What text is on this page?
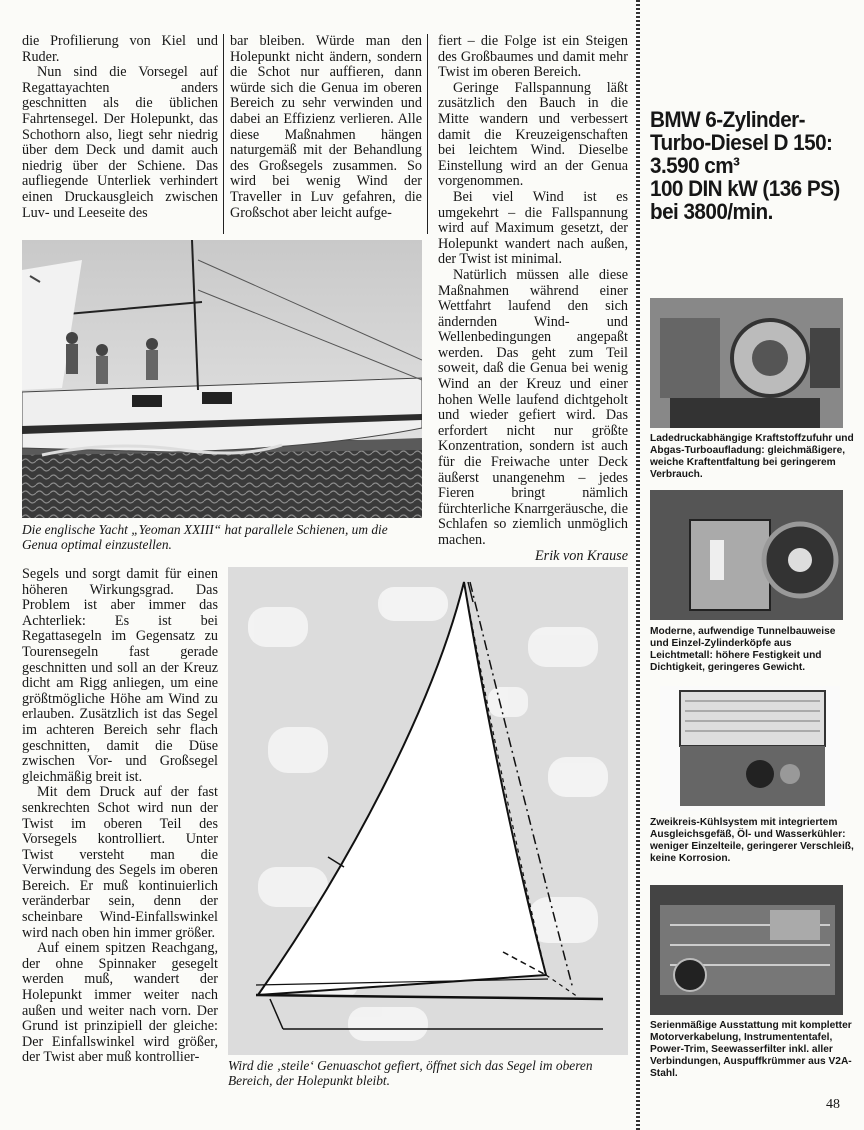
die Profilierung von Kiel und Ruder.

Nun sind die Vorsegel auf Regattayachten anders geschnitten als die üblichen Fahrtensegel. Der Holepunkt, das Schothorn also, liegt sehr niedrig über dem Deck und damit auch niedrig über der Schiene. Das aufliegende Unterliek verhindert einen Druckausgleich zwischen Luv- und Leeseite des

bar bleiben. Würde man den Holepunkt nicht ändern, sondern die Schot nur auffieren, dann würde sich die Genua im oberen Bereich zu sehr verwinden und dabei an Effizienz verlieren. Alle diese Maßnahmen hängen naturgemäß mit der Behandlung des Großsegels zusammen. So wird bei wenig Wind der Traveller in Luv gefahren, die Großschot aber leicht aufge-

fiert – die Folge ist ein Steigen des Großbaumes und damit mehr Twist im oberen Bereich.

Geringe Fallspannung läßt zusätzlich den Bauch in die Mitte wandern und verbessert damit die Kreuzeigenschaften bei leichtem Wind. Dieselbe Einstellung wird an der Genua vorgenommen.

Bei viel Wind ist es umgekehrt – die Fallspannung wird auf Maximum gesetzt, der Holepunkt wandert nach außen, der Twist ist minimal.

Natürlich müssen alle diese Maßnahmen während einer Wettfahrt laufend den sich ändernden Wind- und Wellenbedingungen angepaßt werden. Das geht zum Teil soweit, daß die Genua bei wenig Wind an der Kreuz und einer hohen Welle laufend dichtgeholt und wieder gefiert wird. Das erfordert nicht nur größte Konzentration, sondern ist auch für die Freiwache unter Deck äußerst unangenehm – jedes Fieren bringt nämlich fürchterliche Knarrgeräusche, die Schlafen so ziemlich unmöglich machen.

Erik von Krause
Die englische Yacht „Yeoman XXIII“ hat parallele Schienen, um die Genua optimal einzustellen.

Segels und sorgt damit für einen höheren Wirkungsgrad. Das Problem ist aber immer das Achterliek: Es ist bei Regattasegeln im Gegensatz zu Tourensegeln fast gerade geschnitten und soll an der Kreuz dicht am Rigg anliegen, um eine größtmögliche Höhe am Wind zu erlauben. Zusätzlich ist das Segel im achteren Bereich sehr flach geschnitten, damit die Düse zwischen Vor- und Großsegel gleichmäßig breit ist.

Mit dem Druck auf der fast senkrechten Schot wird nun der Twist im oberen Teil des Vorsegels kontrolliert. Unter Twist versteht man die Verwindung des Segels im oberen Bereich. Er muß kontinuierlich veränderbar sein, denn der scheinbare Wind-Einfallswinkel wird nach oben hin immer größer.

Auf einem spitzen Reachgang, der ohne Spinnaker gesegelt werden muß, wandert der Holepunkt immer weiter nach außen und weiter nach vorn. Der Grund ist prinzipiell der gleiche: Der Einfallswinkel wird größer, der Twist aber muß kontrollier-

Wird die ‚steile‘ Genuaschot gefiert, öffnet sich das Segel im oberen Bereich, der Holepunkt bleibt.
BMW 6-Zylinder-
Turbo-Diesel D 150:
3.590 cm³
100 DIN kW (136 PS)
bei 3800/min.
Ladedruckabhängige Kraftstoffzufuhr und Abgas-Turboaufladung: gleichmäßigere, weiche Kraftentfaltung bei geringerem Verbrauch.
Moderne, aufwendige Tunnelbauweise und Einzel-Zylinderköpfe aus Leichtmetall: höhere Festigkeit und Dichtigkeit, geringeres Gewicht.
Zweikreis-Kühlsystem mit integriertem Ausgleichsgefäß, Öl- und Wasserkühler: weniger Einzelteile, geringerer Verschleiß, keine Korrosion.
Serienmäßige Ausstattung mit kompletter Motorverkabelung, Instrumententafel, Power-Trim, Seewasserfilter inkl. aller Verbindungen, Auspuffkrümmer aus V2A-Stahl.
48
